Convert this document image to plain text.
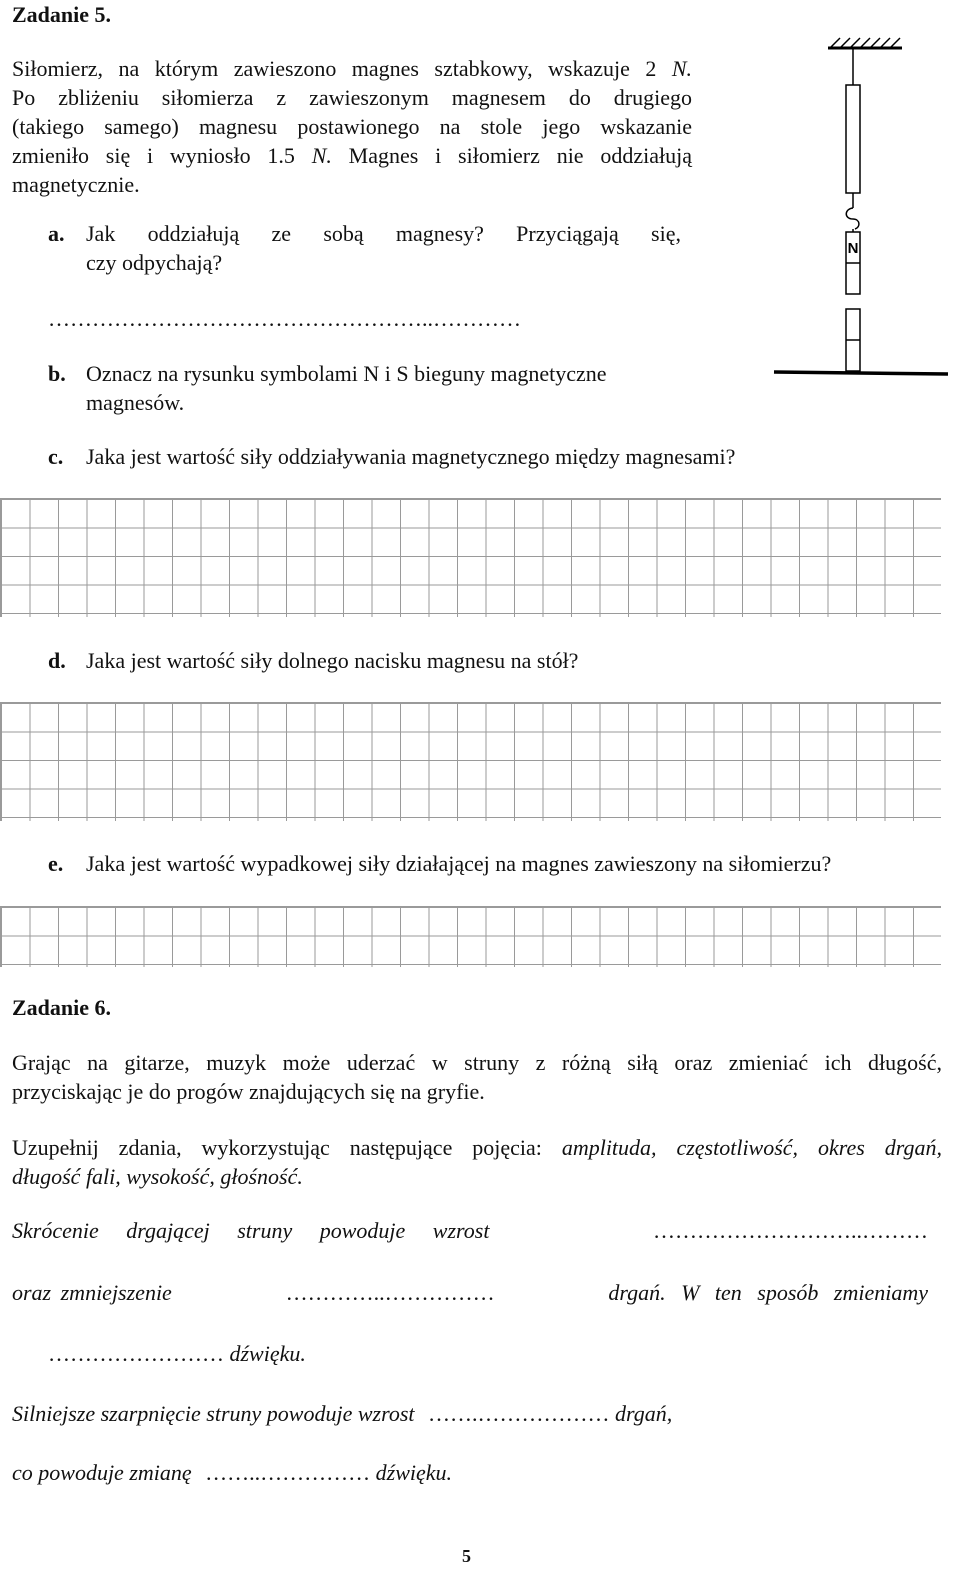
Zadanie 5.
Siłomierz, na którym zawieszono magnes sztabkowy, wskazuje 2 N.
Po zbliżeniu siłomierza z zawieszonym magnesem do drugiego
(takiego samego) magnesu postawionego na stole jego wskazanie
zmieniło się i wyniosło 1.5 N. Magnes i siłomierz nie oddziałują
magnetycznie.
a. Jak oddziałują ze sobą magnesy? Przyciągają się,
czy odpychają?
……………………………………………..…………
b. Oznacz na rysunku symbolami N i S bieguny magnetyczne
magnesów.
c. Jaka jest wartość siły oddziaływania magnetycznego między magnesami?
d. Jaka jest wartość siły dolnego nacisku magnesu na stół?
e. Jaka jest wartość wypadkowej siły działającej na magnes zawieszony na siłomierzu?
N
Zadanie 6.
Grając na gitarze, muzyk może uderzać w struny z różną siłą oraz zmieniać ich długość,
przyciskając je do progów znajdujących się na gryfie.
Uzupełnij zdania, wykorzystując następujące pojęcia: amplituda, częstotliwość, okres drgań,
długość fali, wysokość, głośność.
Skrócenie drgającej struny powoduje wzrost	………………………..………
oraz zmniejszenie	…………..……………	drgań. W ten sposób zmieniamy
…………………… dźwięku.
Silniejsze szarpnięcie struny powoduje wzrost …….……………… drgań,
co powoduje zmianę ……..…………… dźwięku.
5
